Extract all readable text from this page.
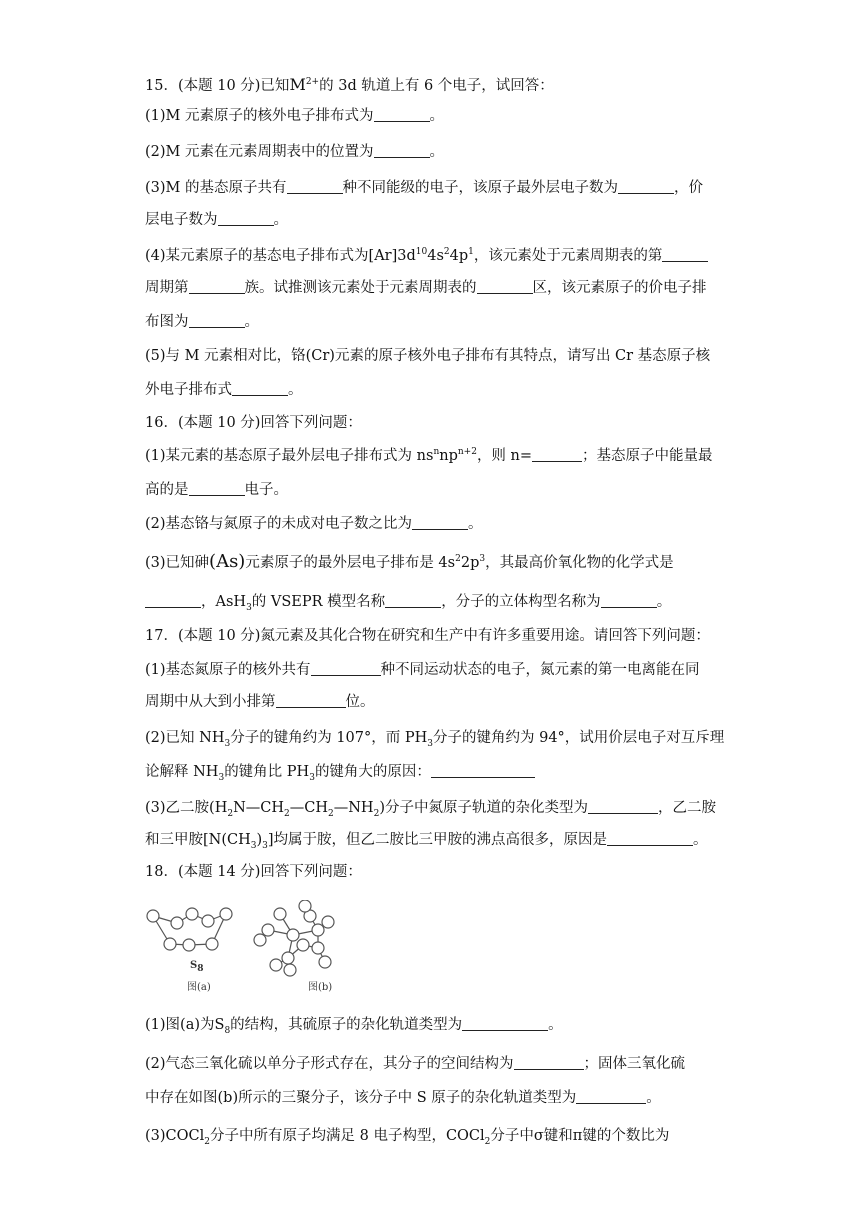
15．(本题 10 分)已知$M^{2+}$的 3d 轨道上有 6 个电子，试回答：
(1)M 元素原子的核外电子排布式为	。
(2)M 元素在元素周期表中的位置为	。
(3)M 的基态原子共有	种不同能级的电子，该原子最外层电子数为	，价
层电子数为	。
(4)某元素原子的基态电子排布式为$[Ar]3d^{10}4s^24p^1$，该元素处于元素周期表的第
周期第	族。试推测该元素处于元素周期表的	区，该元素原子的价电子排
布图为	。
(5)与 M 元素相对比，铬(Cr)元素的原子核外电子排布有其特点，请写出 Cr 基态原子核
外电子排布式	。
16．(本题 10 分)回答下列问题：
(1)某元素的基态原子最外层电子排布式为 $ns^nnp^{n+2}$，则 n=	；基态原子中能量最
高的是	电子。
(2)基态铬与氮原子的未成对电子数之比为	。
(3)已知砷(As)元素原子的最外层电子排布是 $4s^22p^3$，其最高价氧化物的化学式是
，AsH$_3$的 VSEPR 模型名称	，分子的立体构型名称为	。
17．(本题 10 分)氮元素及其化合物在研究和生产中有许多重要用途。请回答下列问题：
(1)基态氮原子的核外共有	种不同运动状态的电子，氮元素的第一电离能在同
周期中从大到小排第	位。
(2)已知 $NH_3$分子的键角约为 107°，而 $PH_3$分子的键角约为 94°，试用价层电子对互斥理
论解释 $NH_3$的键角比 $PH_3$的键角大的原因：
(3)乙二胺$(H_2N—CH_2—CH_2—NH_2)$分子中氮原子轨道的杂化类型为	，乙二胺
和三甲胺$[N(CH_3)_3]$均属于胺，但乙二胺比三甲胺的沸点高很多，原因是	。
18．(本题 14 分)回答下列问题：
$S_8$
图(a)	图(b)
(1)图(a)为$S_8$的结构，其硫原子的杂化轨道类型为	。
(2)气态三氧化硫以单分子形式存在，其分子的空间结构为	；固体三氧化硫
中存在如图(b)所示的三聚分子，该分子中 S 原子的杂化轨道类型为	。
(3)COCl$_2$分子中所有原子均满足 8 电子构型，COCl$_2$分子中σ键和π键的个数比为
